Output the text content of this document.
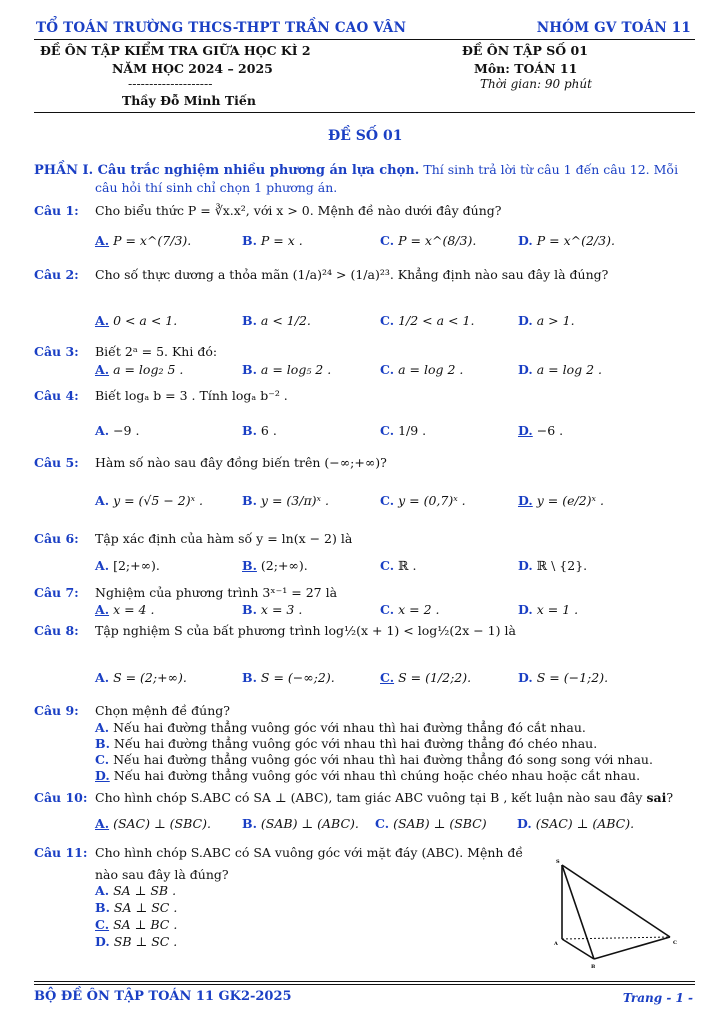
TỔ TOÁN TRƯỜNG THCS-THPT TRẦN CAO VÂN	NHÓM GV TOÁN 11
ĐỀ ÔN TẬP KIỂM TRA GIỮA HỌC KÌ 2
NĂM HỌC 2024 – 2025
--------------------
Thầy Đỗ Minh Tiến
ĐỀ ÔN TẬP SỐ 01
Môn: TOÁN 11
Thời gian: 90 phút
ĐỀ SỐ 01
PHẦN I. Câu trắc nghiệm nhiều phương án lựa chọn. Thí sinh trả lời từ câu 1 đến câu 12. Mỗi
câu hỏi thí sinh chỉ chọn 1 phương án.
Câu 1: Cho biểu thức P = ∛x.x², với x > 0. Mệnh đề nào dưới đây đúng?
A. P = x^(7/3).	B. P = x .	C. P = x^(8/3).	D. P = x^(2/3).
Câu 2: Cho số thực dương a thỏa mãn (1/a)²⁴ > (1/a)²³. Khẳng định nào sau đây là đúng?
A. 0 < a < 1.	B. a < 1/2.	C. 1/2 < a < 1.	D. a > 1.
Câu 3: Biết 2ᵃ = 5. Khi đó:
A. a = log₂ 5 .	B. a = log₅ 2 .	C. a = log 2 .	D. a = log 2 .
Câu 4: Biết logₐ b = 3 . Tính logₐ b⁻² .
A. −9 .	B. 6 .	C. 1/9 .	D. −6 .
Câu 5: Hàm số nào sau đây đồng biến trên (−∞;+∞)?
A. y = (√5 − 2)ˣ .	B. y = (3/π)ˣ .	C. y = (0,7)ˣ .	D. y = (e/2)ˣ .
Câu 6: Tập xác định của hàm số y = ln(x − 2) là
A. [2;+∞).	B. (2;+∞).	C. ℝ .	D. ℝ \ {2}.
Câu 7: Nghiệm của phương trình 3ˣ⁻¹ = 27 là
A. x = 4 .	B. x = 3 .	C. x = 2 .	D. x = 1 .
Câu 8: Tập nghiệm S của bất phương trình log½(x + 1) < log½(2x − 1) là
A. S = (2;+∞).	B. S = (−∞;2).	C. S = (1/2;2).	D. S = (−1;2).
Câu 9: Chọn mệnh đề đúng?
A. Nếu hai đường thẳng vuông góc với nhau thì hai đường thẳng đó cắt nhau.
B. Nếu hai đường thẳng vuông góc với nhau thì hai đường thẳng đó chéo nhau.
C. Nếu hai đường thẳng vuông góc với nhau thì hai đường thẳng đó song song với nhau.
D. Nếu hai đường thẳng vuông góc với nhau thì chúng hoặc chéo nhau hoặc cắt nhau.
Câu 10: Cho hình chóp S.ABC có SA ⊥ (ABC), tam giác ABC vuông tại B , kết luận nào sau đây sai?
A. (SAC) ⊥ (SBC). B. (SAB) ⊥ (ABC). C. (SAB) ⊥ (SBC) D. (SAC) ⊥ (ABC).
Câu 11: Cho hình chóp S.ABC có SA vuông góc với mặt đáy (ABC). Mệnh đề
nào sau đây là đúng?
A. SA ⊥ SB .
B. SA ⊥ SC .
C. SA ⊥ BC .
D. SB ⊥ SC .
S
A
B
C
BỘ ĐỀ ÔN TẬP TOÁN 11 GK2-2025	Trang - 1 -
